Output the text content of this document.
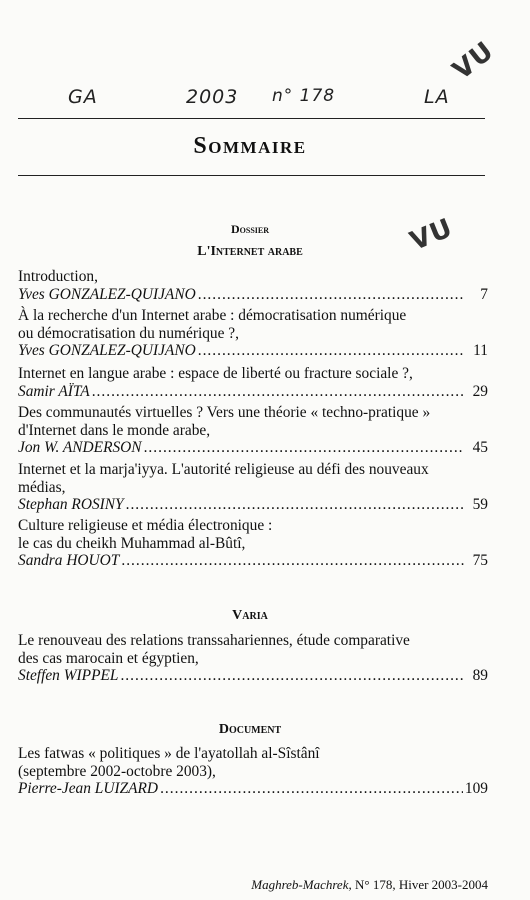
GA	2003 n° 178	LA
VU
VU
Sommaire
Dossier
L'Internet arabe
Introduction,
Yves GONZALEZ-QUIJANO .....	7
À la recherche d'un Internet arabe : démocratisation numérique
ou démocratisation du numérique ?,
Yves GONZALEZ-QUIJANO .....	11
Internet en langue arabe : espace de liberté ou fracture sociale ?,
Samir AÏTA .....	29
Des communautés virtuelles ? Vers une théorie « techno-pratique »
d'Internet dans le monde arabe,
Jon W. ANDERSON .....	45
Internet et la marja'iyya. L'autorité religieuse au défi des nouveaux
médias,
Stephan ROSINY .....	59
Culture religieuse et média électronique :
le cas du cheikh Muhammad al-Bûtî,
Sandra HOUOT .....	75
Varia
Le renouveau des relations transsahariennes, étude comparative
des cas marocain et égyptien,
Steffen WIPPEL .....	89
Document
Les fatwas « politiques » de l'ayatollah al-Sîstânî
(septembre 2002-octobre 2003),
Pierre-Jean LUIZARD .....	109
Maghreb-Machrek, N° 178, Hiver 2003-2004
